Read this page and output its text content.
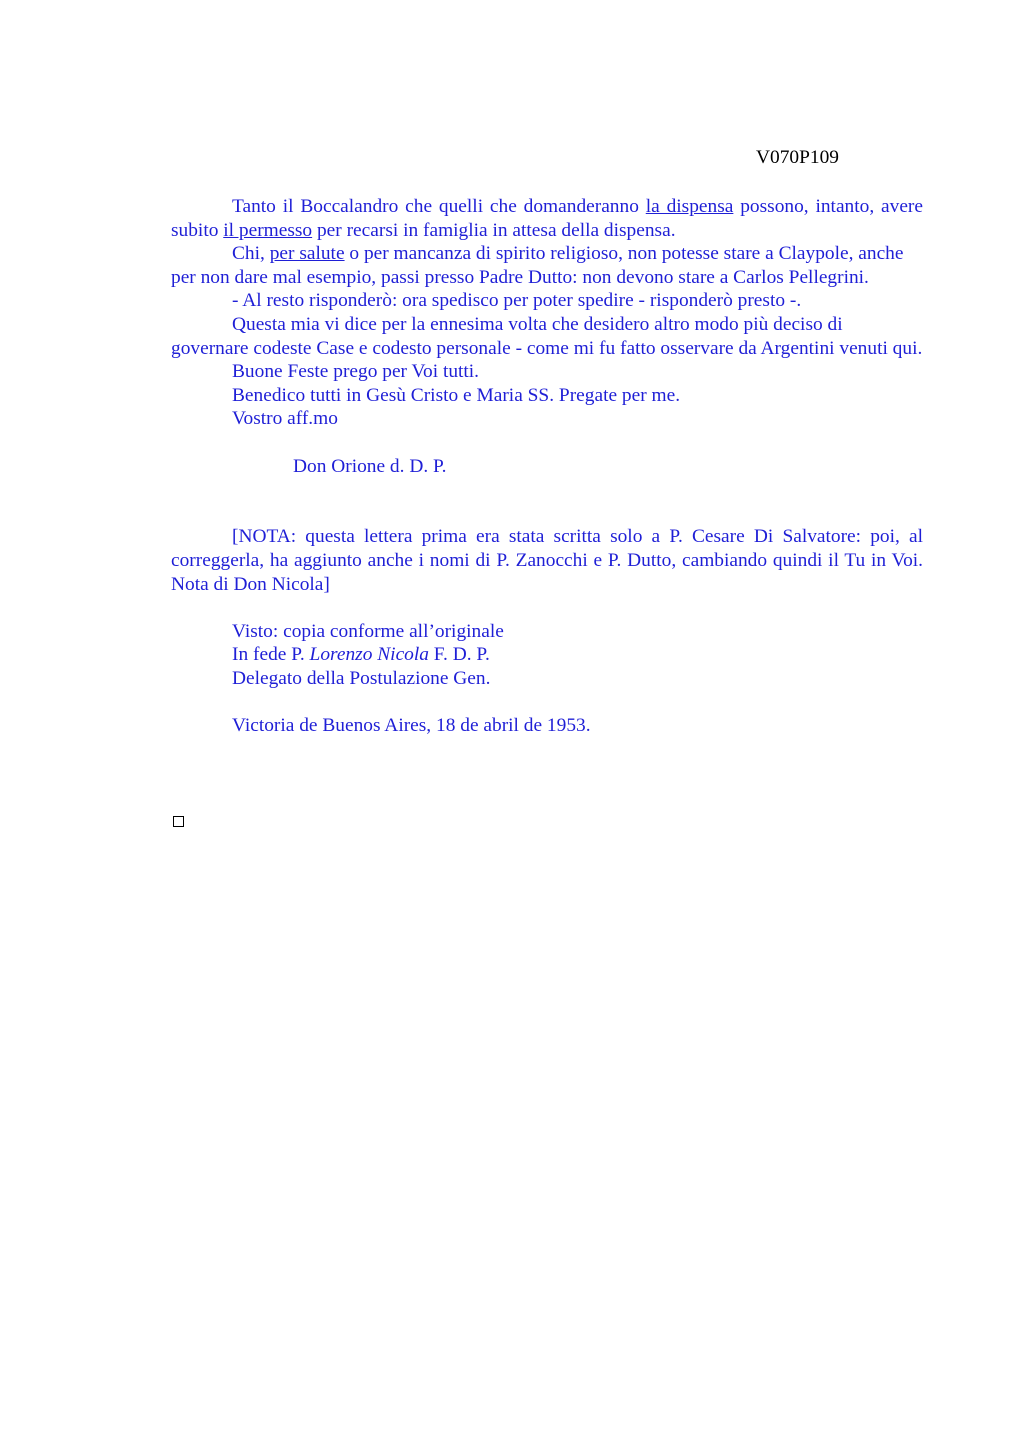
V070P109

Tanto il Boccalandro che quelli che domanderanno la dispensa possono, intanto, avere subito il permesso per recarsi in famiglia in attesa della dispensa.

Chi, per salute o per mancanza di spirito religioso, non potesse stare a Claypole, anche per non dare mal esempio, passi presso Padre Dutto: non devono stare a Carlos Pellegrini.

- Al resto risponderò: ora spedisco per poter spedire - risponderò presto -.

Questa mia vi dice per la ennesima volta che desidero altro modo più deciso di governare codeste Case e codesto personale - come mi fu fatto osservare da Argentini venuti qui.

Buone Feste prego per Voi tutti.

Benedico tutti in Gesù Cristo e Maria SS. Pregate per me.

Vostro aff.mo

Don Orione d. D. P.

[NOTA: questa lettera prima era stata scritta solo a P. Cesare Di Salvatore: poi, al correggerla, ha aggiunto anche i nomi di P. Zanocchi e P. Dutto, cambiando quindi il Tu in Voi. Nota di Don Nicola]

Visto: copia conforme all’originale

In fede P. Lorenzo Nicola F. D. P.

Delegato della Postulazione Gen.

Victoria de Buenos Aires, 18 de abril de 1953.
